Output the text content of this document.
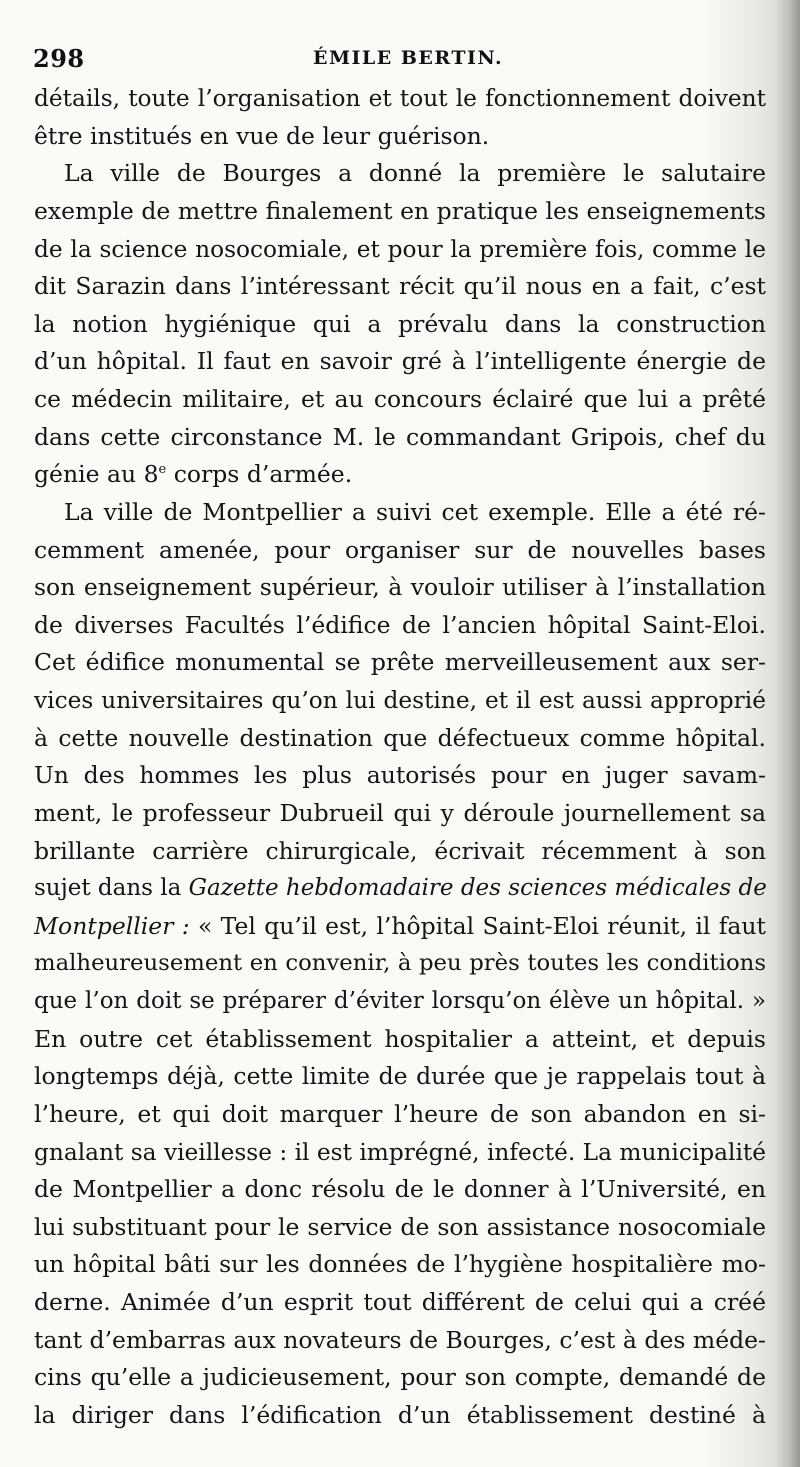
298	ÉMILE BERTIN.
détails, toute l’organisation et tout le fonctionnement doivent
être institués en vue de leur guérison.
La ville de Bourges a donné la première le salutaire
exemple de mettre finalement en pratique les enseignements
de la science nosocomiale, et pour la première fois, comme le
dit Sarazin dans l’intéressant récit qu’il nous en a fait, c’est
la notion hygiénique qui a prévalu dans la construction
d’un hôpital. Il faut en savoir gré à l’intelligente énergie de
ce médecin militaire, et au concours éclairé que lui a prêté
dans cette circonstance M. le commandant Gripois, chef du
génie au 8e corps d’armée.
La ville de Montpellier a suivi cet exemple. Elle a été ré-
cemment amenée, pour organiser sur de nouvelles bases
son enseignement supérieur, à vouloir utiliser à l’installation
de diverses Facultés l’édifice de l’ancien hôpital Saint-Eloi.
Cet édifice monumental se prête merveilleusement aux ser-
vices universitaires qu’on lui destine, et il est aussi approprié
à cette nouvelle destination que défectueux comme hôpital.
Un des hommes les plus autorisés pour en juger savam-
ment, le professeur Dubrueil qui y déroule journellement sa
brillante carrière chirurgicale, écrivait récemment à son
sujet dans la Gazette hebdomadaire des sciences médicales de
Montpellier : « Tel qu’il est, l’hôpital Saint-Eloi réunit, il faut
malheureusement en convenir, à peu près toutes les conditions
que l’on doit se préparer d’éviter lorsqu’on élève un hôpital. »
En outre cet établissement hospitalier a atteint, et depuis
longtemps déjà, cette limite de durée que je rappelais tout à
l’heure, et qui doit marquer l’heure de son abandon en si-
gnalant sa vieillesse : il est imprégné, infecté. La municipalité
de Montpellier a donc résolu de le donner à l’Université, en
lui substituant pour le service de son assistance nosocomiale
un hôpital bâti sur les données de l’hygiène hospitalière mo-
derne. Animée d’un esprit tout différent de celui qui a créé
tant d’embarras aux novateurs de Bourges, c’est à des méde-
cins qu’elle a judicieusement, pour son compte, demandé de
la diriger dans l’édification d’un établissement destiné à
